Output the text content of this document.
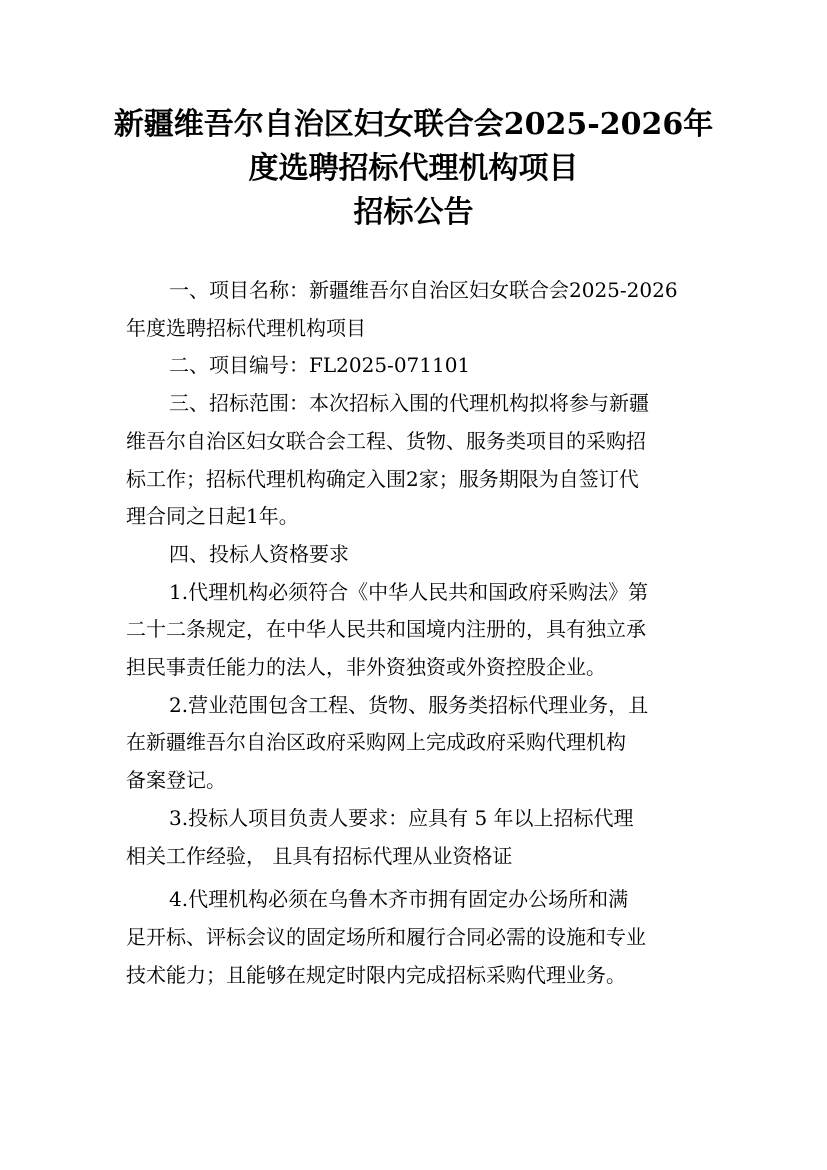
新疆维吾尔自治区妇女联合会2025-2026年
度选聘招标代理机构项目
招标公告
一、项目名称：新疆维吾尔自治区妇女联合会2025-2026
年度选聘招标代理机构项目
二、项目编号：FL2025-071101
三、招标范围：本次招标入围的代理机构拟将参与新疆
维吾尔自治区妇女联合会工程、货物、服务类项目的采购招
标工作；招标代理机构确定入围2家；服务期限为自签订代
理合同之日起1年。
四、投标人资格要求
1.代理机构必须符合《中华人民共和国政府采购法》第
二十二条规定，在中华人民共和国境内注册的，具有独立承
担民事责任能力的法人，非外资独资或外资控股企业。
2.营业范围包含工程、货物、服务类招标代理业务，且
在新疆维吾尔自治区政府采购网上完成政府采购代理机构
备案登记。
3.投标人项目负责人要求：应具有 5 年以上招标代理
相关工作经验， 且具有招标代理从业资格证
4.代理机构必须在乌鲁木齐市拥有固定办公场所和满
足开标、评标会议的固定场所和履行合同必需的设施和专业
技术能力；且能够在规定时限内完成招标采购代理业务。
